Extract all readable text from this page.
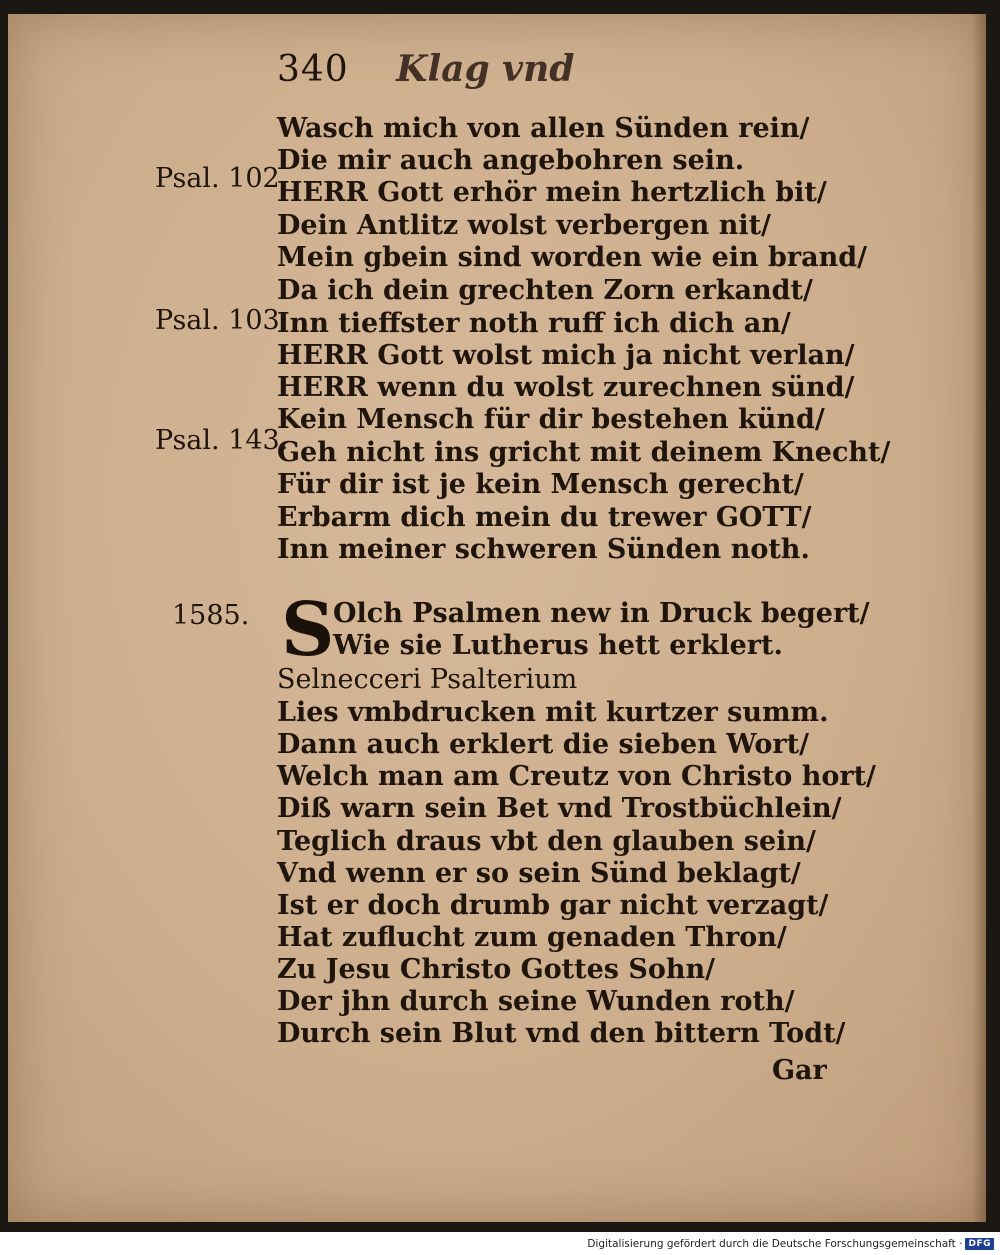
340 Klag vnd
Psal. 102.
Psal. 103.
Psal. 143.
1585.
Wasch mich von allen Sünden rein/
Die mir auch angebohren sein.
HERR Gott erhör mein hertzlich bit/
Dein Antlitz wolst verbergen nit/
Mein gbein sind worden wie ein brand/
Da ich dein grechten Zorn erkandt/
Inn tieffster noth ruff ich dich an/
HERR Gott wolst mich ja nicht verlan/
HERR wenn du wolst zurechnen sünd/
Kein Mensch für dir bestehen künd/
Geh nicht ins gricht mit deinem Knecht/
Für dir ist je kein Mensch gerecht/
Erbarm dich mein du trewer GOTT/
Inn meiner schweren Sünden noth.
S
Olch Psalmen new in Druck begert/
Wie sie Lutherus hett erklert.
Selnecceri Psalterium
Lies vmbdrucken mit kurtzer summ.
Dann auch erklert die sieben Wort/
Welch man am Creutz von Christo hort/
Diß warn sein Bet vnd Trostbüchlein/
Teglich draus vbt den glauben sein/
Vnd wenn er so sein Sünd beklagt/
Ist er doch drumb gar nicht verzagt/
Hat zuflucht zum genaden Thron/
Zu Jesu Christo Gottes Sohn/
Der jhn durch seine Wunden roth/
Durch sein Blut vnd den bittern Todt/
Gar
Digitalisierung gefördert durch die Deutsche Forschungsgemeinschaft · DFG
